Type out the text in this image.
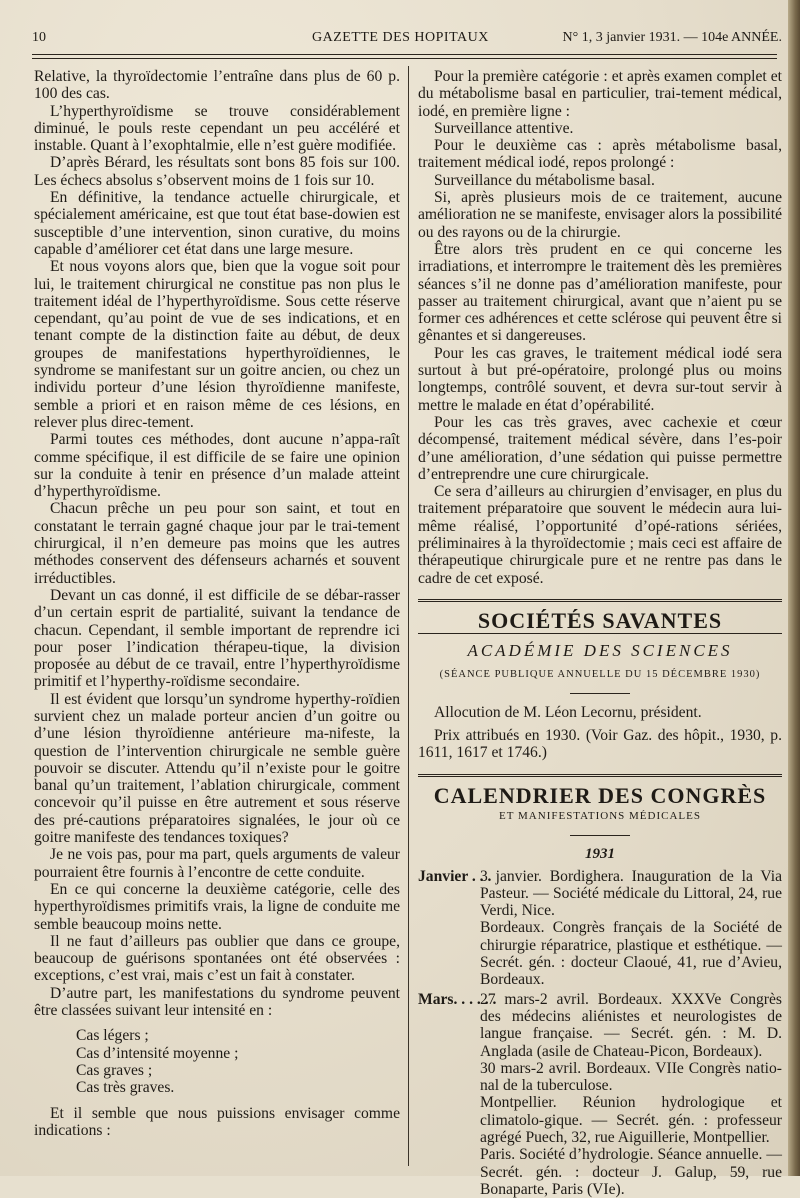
10	GAZETTE DES HOPITAUX	N° 1, 3 janvier 1931. — 104e ANNÉE.

Relative, la thyroïdectomie l’entraîne dans plus de 60 p. 100 des cas.

L’hyperthyroïdisme se trouve considérablement diminué, le pouls reste cependant un peu accéléré et instable. Quant à l’exophtalmie, elle n’est guère modifiée.

D’après Bérard, les résultats sont bons 85 fois sur 100. Les échecs absolus s’observent moins de 1 fois sur 10.

En définitive, la tendance actuelle chirurgicale, et spécialement américaine, est que tout état base-dowien est susceptible d’une intervention, sinon curative, du moins capable d’améliorer cet état dans une large mesure.

Et nous voyons alors que, bien que la vogue soit pour lui, le traitement chirurgical ne constitue pas non plus le traitement idéal de l’hyperthyroïdisme. Sous cette réserve cependant, qu’au point de vue de ses indications, et en tenant compte de la distinction faite au début, de deux groupes de manifestations hyperthyroïdiennes, le syndrome se manifestant sur un goitre ancien, ou chez un individu porteur d’une lésion thyroïdienne manifeste, semble a priori et en raison même de ces lésions, en relever plus direc-tement.

Parmi toutes ces méthodes, dont aucune n’appa-raît comme spécifique, il est difficile de se faire une opinion sur la conduite à tenir en présence d’un malade atteint d’hyperthyroïdisme.

Chacun prêche un peu pour son saint, et tout en constatant le terrain gagné chaque jour par le trai-tement chirurgical, il n’en demeure pas moins que les autres méthodes conservent des défenseurs acharnés et souvent irréductibles.

Devant un cas donné, il est difficile de se débar-rasser d’un certain esprit de partialité, suivant la tendance de chacun. Cependant, il semble important de reprendre ici pour poser l’indication thérapeu-tique, la division proposée au début de ce travail, entre l’hyperthyroïdisme primitif et l’hyperthy-roïdisme secondaire.

Il est évident que lorsqu’un syndrome hyperthy-roïdien survient chez un malade porteur ancien d’un goitre ou d’une lésion thyroïdienne antérieure ma-nifeste, la question de l’intervention chirurgicale ne semble guère pouvoir se discuter. Attendu qu’il n’existe pour le goitre banal qu’un traitement, l’ablation chirurgicale, comment concevoir qu’il puisse en être autrement et sous réserve des pré-cautions préparatoires signalées, le jour où ce goitre manifeste des tendances toxiques?

Je ne vois pas, pour ma part, quels arguments de valeur pourraient être fournis à l’encontre de cette conduite.

En ce qui concerne la deuxième catégorie, celle des hyperthyroïdismes primitifs vrais, la ligne de conduite me semble beaucoup moins nette.

Il ne faut d’ailleurs pas oublier que dans ce groupe, beaucoup de guérisons spontanées ont été observées : exceptions, c’est vrai, mais c’est un fait à constater.

D’autre part, les manifestations du syndrome peuvent être classées suivant leur intensité en :

Cas légers ;

Cas d’intensité moyenne ;

Cas graves ;

Cas très graves.

Et il semble que nous puissions envisager comme indications :

Pour la première catégorie : et après examen complet et du métabolisme basal en particulier, trai-tement médical, iodé, en première ligne :

Surveillance attentive.

Pour le deuxième cas : après métabolisme basal, traitement médical iodé, repos prolongé :

Surveillance du métabolisme basal.

Si, après plusieurs mois de ce traitement, aucune amélioration ne se manifeste, envisager alors la possibilité ou des rayons ou de la chirurgie.

Être alors très prudent en ce qui concerne les irradiations, et interrompre le traitement dès les premières séances s’il ne donne pas d’amélioration manifeste, pour passer au traitement chirurgical, avant que n’aient pu se former ces adhérences et cette sclérose qui peuvent être si gênantes et si dangereuses.

Pour les cas graves, le traitement médical iodé sera surtout à but pré-opératoire, prolongé plus ou moins longtemps, contrôlé souvent, et devra sur-tout servir à mettre le malade en état d’opérabilité.

Pour les cas très graves, avec cachexie et cœur décompensé, traitement médical sévère, dans l’es-poir d’une amélioration, d’une sédation qui puisse permettre d’entreprendre une cure chirurgicale.

Ce sera d’ailleurs au chirurgien d’envisager, en plus du traitement préparatoire que souvent le médecin aura lui-même réalisé, l’opportunité d’opé-rations sériées, préliminaires à la thyroïdectomie ; mais ceci est affaire de thérapeutique chirurgicale pure et ne rentre pas dans le cadre de cet exposé.

SOCIÉTÉS SAVANTES
ACADÉMIE DES SCIENCES
(SÉANCE PUBLIQUE ANNUELLE DU 15 DÉCEMBRE 1930)

Allocution de M. Léon Lecornu, président.

Prix attribués en 1930. (Voir Gaz. des hôpit., 1930, p. 1611, 1617 et 1746.)

CALENDRIER DES CONGRÈS
ET MANIFESTATIONS MÉDICALES
1931
Janvier . . .
3 janvier. Bordighera. Inauguration de la Via Pasteur. — Société médicale du Littoral, 24, rue Verdi, Nice.
Bordeaux. Congrès français de la Société de chirurgie réparatrice, plastique et esthétique. — Secrét. gén. : docteur Claoué, 41, rue d’Avieu, Bordeaux.
Mars. . . . . .
27 mars-2 avril. Bordeaux. XXXVe Congrès des médecins aliénistes et neurologistes de langue française. — Secrét. gén. : M. D. Anglada (asile de Chateau-Picon, Bordeaux).
30 mars-2 avril. Bordeaux. VIIe Congrès natio-nal de la tuberculose.
Montpellier. Réunion hydrologique et climatolo-gique. — Secrét. gén. : professeur agrégé Puech, 32, rue Aiguillerie, Montpellier.
Paris. Société d’hydrologie. Séance annuelle. — Secrét. gén. : docteur J. Galup, 59, rue Bonaparte, Paris (VIe).
